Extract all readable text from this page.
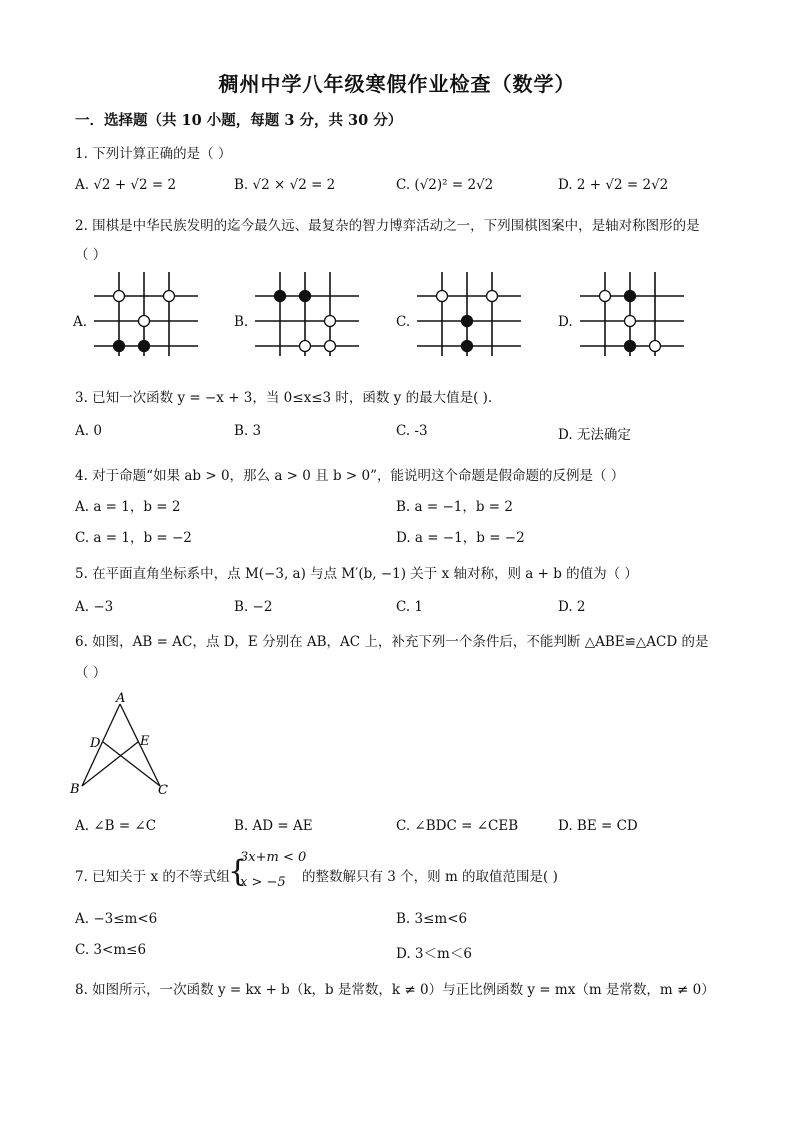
稠州中学八年级寒假作业检查（数学）
一．选择题（共 10 小题，每题 3 分，共 30 分）
1. 下列计算正确的是（ ）
A. √2 + √2 = 2	B. √2 × √2 = 2	C. (√2)² = 2√2	D. 2 + √2 = 2√2
2. 围棋是中华民族发明的迄今最久远、最复杂的智力博弈活动之一，下列围棋图案中，是轴对称图形的是
（ ）
A.	B.	C.	D.
3. 已知一次函数 y = −x + 3，当 0≤x≤3 时，函数 y 的最大值是( ).
A. 0	B. 3	C. -3	D. 无法确定
4. 对于命题“如果 ab > 0，那么 a > 0 且 b > 0”，能说明这个命题是假命题的反例是（ ）
A. a = 1，b = 2	B. a = −1，b = 2
C. a = 1，b = −2	D. a = −1，b = −2
5. 在平面直角坐标系中，点 M(−3, a) 与点 M′(b, −1) 关于 x 轴对称，则 a + b 的值为（ ）
A. −3	B. −2	C. 1	D. 2
6. 如图，AB = AC，点 D，E 分别在 AB，AC 上，补充下列一个条件后，不能判断 △ABE≌△ACD 的是
（ ）
A
D	E
B	C
A. ∠B = ∠C	B. AD = AE	C. ∠BDC = ∠CEB	D. BE = CD
7. 已知关于 x 的不等式组
{
3x+m < 0
x > −5 的整数解只有 3 个，则 m 的取值范围是( )
A. −3≤m<6	B. 3≤m<6
C. 3<m≤6	D. 3＜m＜6
8. 如图所示，一次函数 y = kx + b（k，b 是常数，k ≠ 0）与正比例函数 y = mx（m 是常数，m ≠ 0）
